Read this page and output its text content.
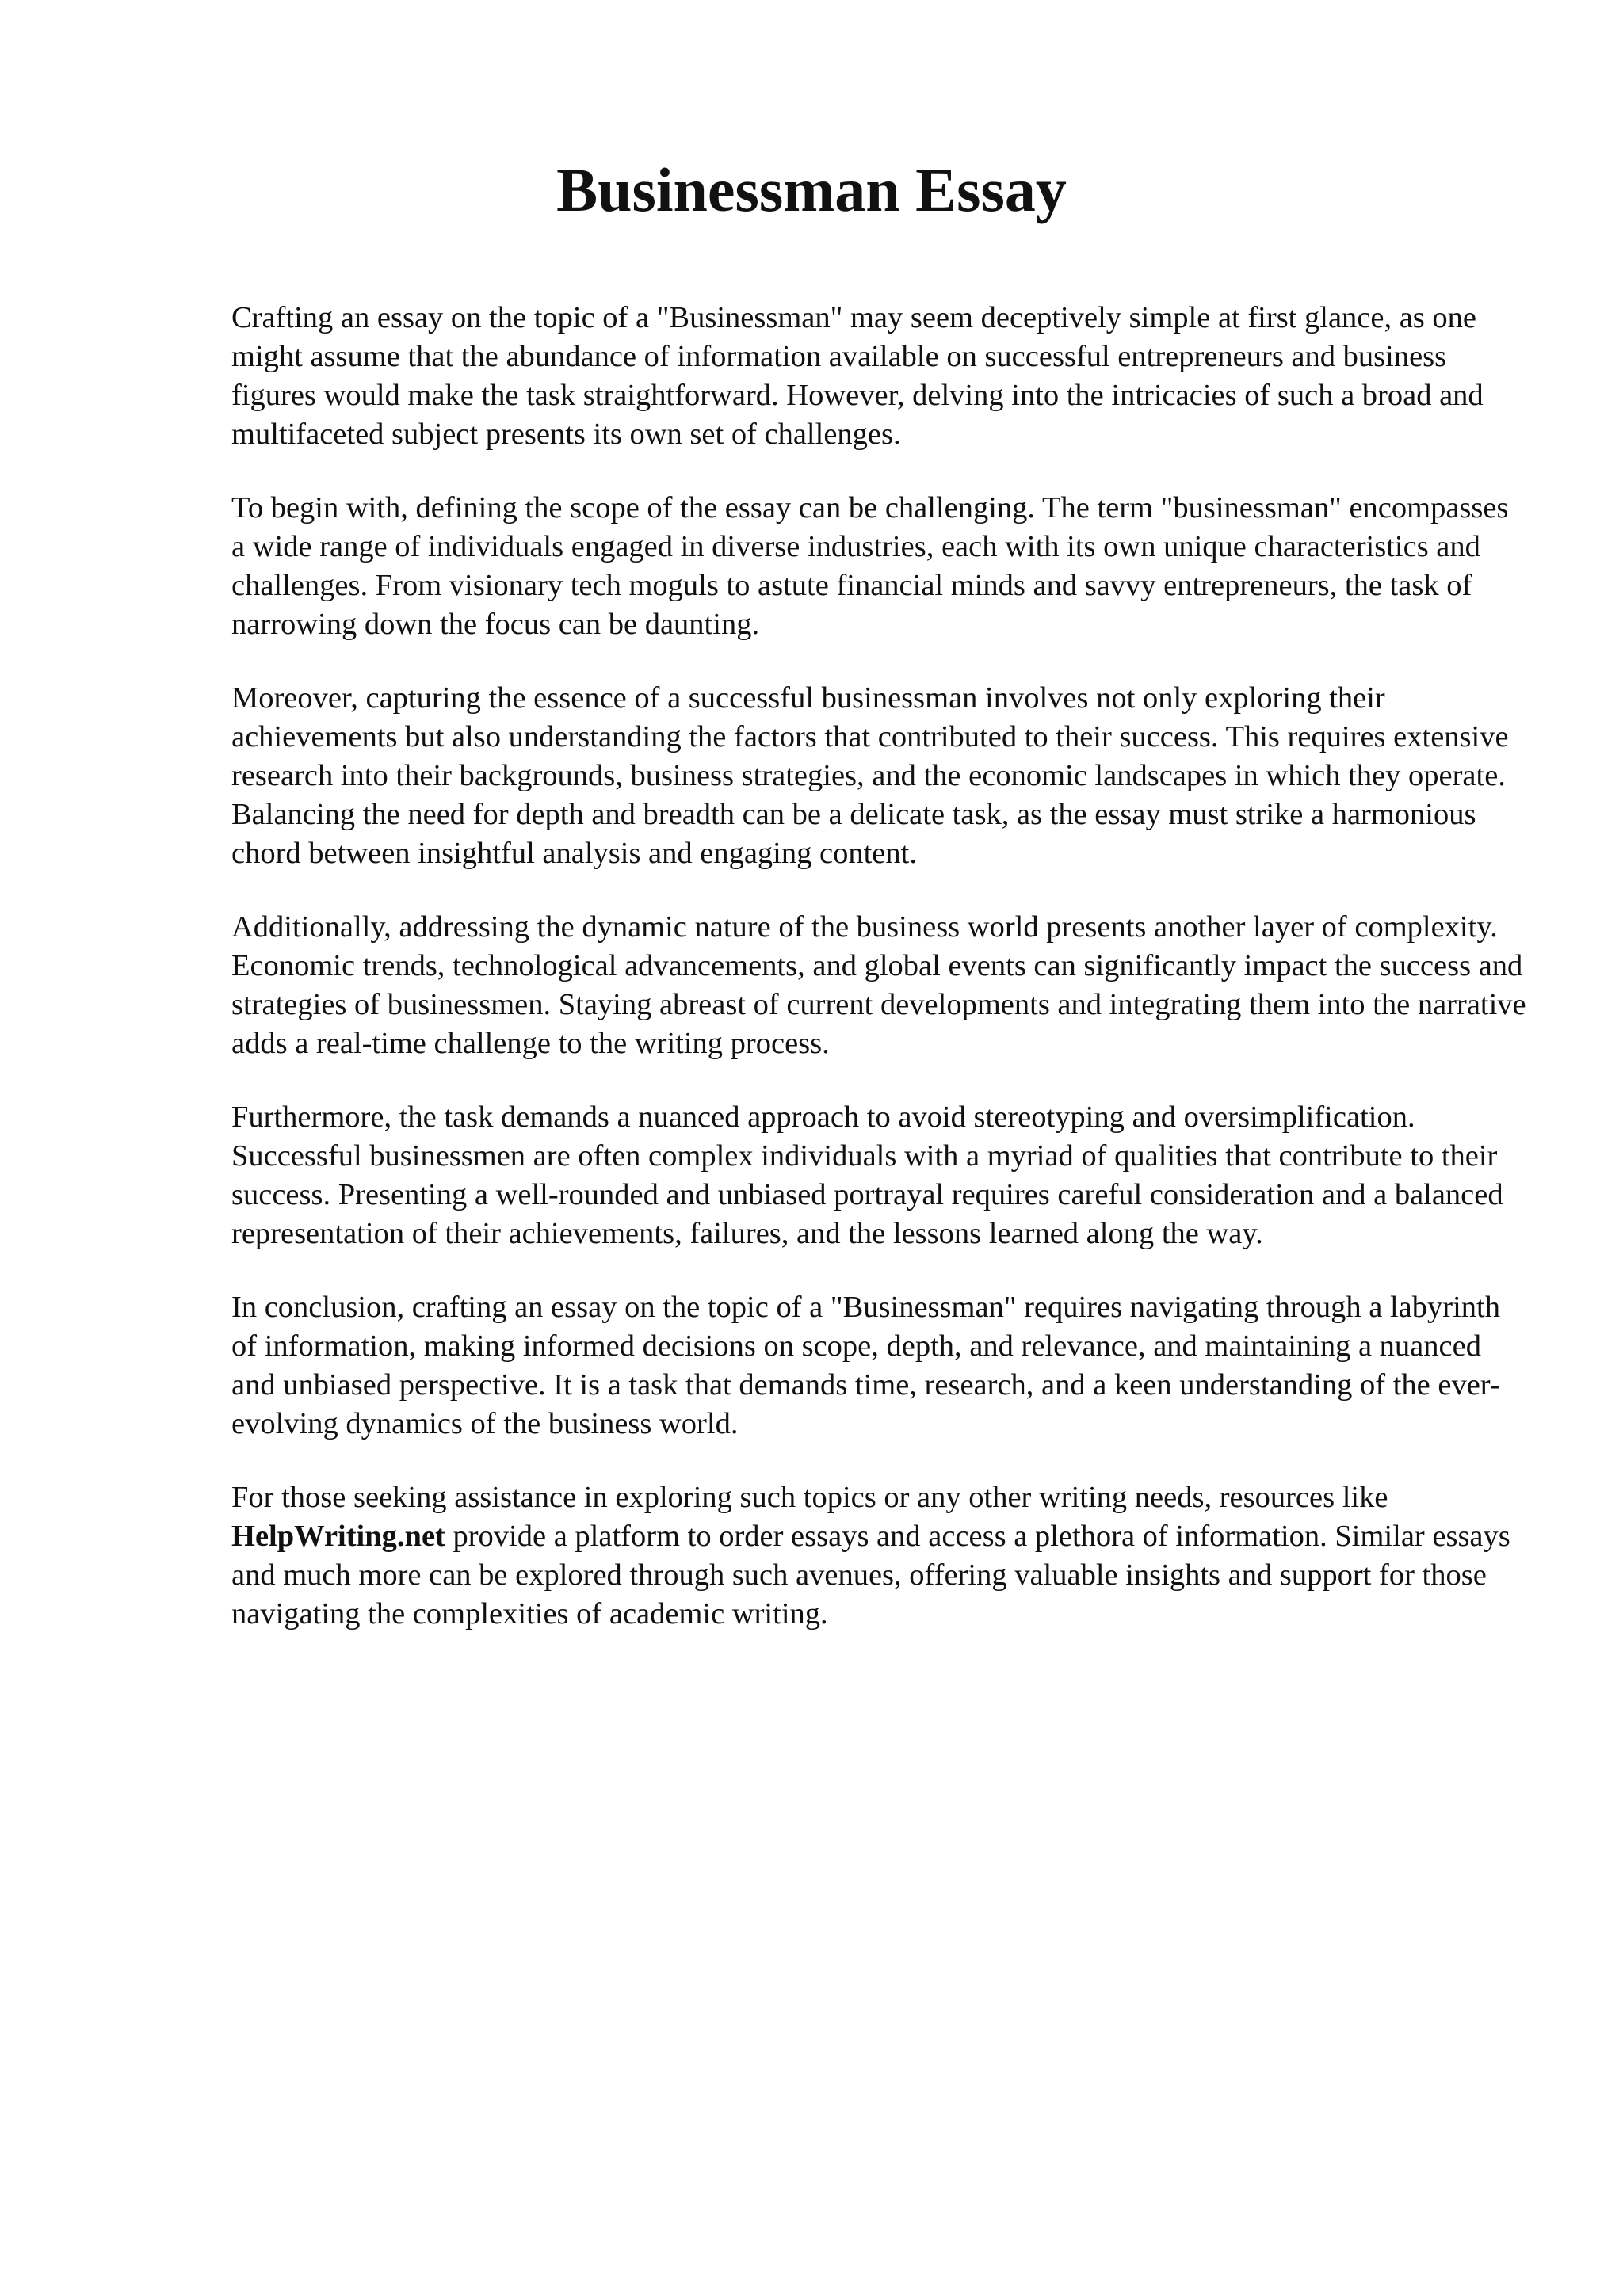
Businessman Essay

Crafting an essay on the topic of a "Businessman" may seem deceptively simple at first glance, as one might assume that the abundance of information available on successful entrepreneurs and business figures would make the task straightforward. However, delving into the intricacies of such a broad and multifaceted subject presents its own set of challenges.

To begin with, defining the scope of the essay can be challenging. The term "businessman" encompasses a wide range of individuals engaged in diverse industries, each with its own unique characteristics and challenges. From visionary tech moguls to astute financial minds and savvy entrepreneurs, the task of narrowing down the focus can be daunting.

Moreover, capturing the essence of a successful businessman involves not only exploring their achievements but also understanding the factors that contributed to their success. This requires extensive research into their backgrounds, business strategies, and the economic landscapes in which they operate. Balancing the need for depth and breadth can be a delicate task, as the essay must strike a harmonious chord between insightful analysis and engaging content.

Additionally, addressing the dynamic nature of the business world presents another layer of complexity. Economic trends, technological advancements, and global events can significantly impact the success and strategies of businessmen. Staying abreast of current developments and integrating them into the narrative adds a real-time challenge to the writing process.

Furthermore, the task demands a nuanced approach to avoid stereotyping and oversimplification. Successful businessmen are often complex individuals with a myriad of qualities that contribute to their success. Presenting a well-rounded and unbiased portrayal requires careful consideration and a balanced representation of their achievements, failures, and the lessons learned along the way.

In conclusion, crafting an essay on the topic of a "Businessman" requires navigating through a labyrinth of information, making informed decisions on scope, depth, and relevance, and maintaining a nuanced and unbiased perspective. It is a task that demands time, research, and a keen understanding of the ever-evolving dynamics of the business world.

For those seeking assistance in exploring such topics or any other writing needs, resources like HelpWriting.net provide a platform to order essays and access a plethora of information. Similar essays and much more can be explored through such avenues, offering valuable insights and support for those navigating the complexities of academic writing.
